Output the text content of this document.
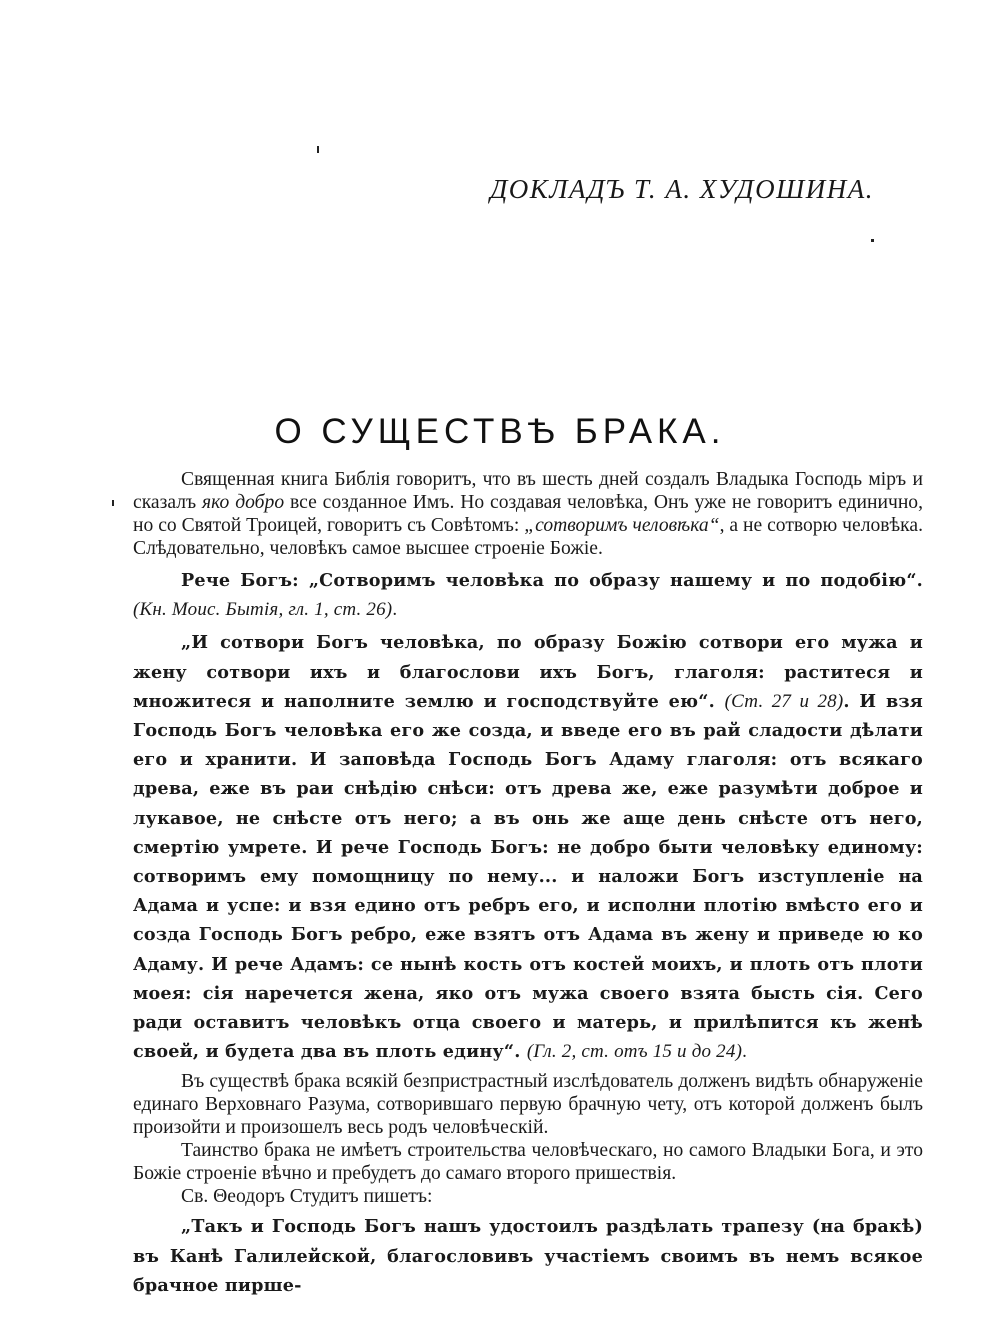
ДОКЛАДЪ Т. А. ХУДОШИНА.
О СУЩЕСТВѢ БРАКА.

Священная книга Библія говоритъ, что въ шесть дней создалъ Владыка Господь міръ и сказалъ яко добро все созданное Имъ. Но создавая человѣка, Онъ уже не говоритъ единично, но со Святой Троицей, говоритъ съ Совѣтомъ: „сотворимъ человѣка“, а не сотворю человѣка. Слѣдовательно, человѣкъ самое высшее строеніе Божіе.

Рече Богъ: „Сотворимъ человѣка по образу нашему и по подобію“. (Кн. Моис. Бытія, гл. 1, ст. 26).

„И сотвори Богъ человѣка, по образу Божію сотвори его мужа и жену сотвори ихъ и благослови ихъ Богъ, глаголя: раститеся и множитеся и наполните землю и господствуйте ею“. (Ст. 27 и 28). И взя Господь Богъ человѣка его же созда, и введе его въ рай сладости дѣлати его и хранити. И заповѣда Господь Богъ Адаму глаголя: отъ всякаго древа, еже въ раи снѣдію снѣси: отъ древа же, еже разумѣти доброе и лукавое, не снѣсте отъ него; а въ онь же аще день снѣсте отъ него, смертію умрете. И рече Господь Богъ: не добро быти человѣку единому: сотворимъ ему помощницу по нему... и наложи Богъ изступленіе на Адама и успе: и взя едино отъ ребръ его, и исполни плотію вмѣсто его и созда Господь Богъ ребро, еже взятъ отъ Адама въ жену и приведе ю ко Адаму. И рече Адамъ: се нынѣ кость отъ костей моихъ, и плоть отъ плоти моея: сія наречется жена, яко отъ мужа своего взята бысть сія. Сего ради оставитъ человѣкъ отца своего и матерь, и прилѣпится къ женѣ своей, и будета два въ плоть едину“. (Гл. 2, ст. отъ 15 и до 24).

Въ существѣ брака всякій безпристрастный изслѣдователь долженъ видѣть обнаруженіе единаго Верховнаго Разума, сотворившаго первую брачную чету, отъ которой долженъ былъ произойти и произошелъ весь родъ человѣческій.

Таинство брака не имѣетъ строительства человѣческаго, но самого Владыки Бога, и это Божіе строеніе вѣчно и пребудетъ до самаго второго пришествія.

Св. Θеодоръ Студитъ пишетъ:

„Такъ и Господь Богъ нашъ удостоилъ раздѣлать трапезу (на бракѣ) въ Канѣ Галилейской, благословивъ участіемъ своимъ въ немъ всякое брачное пирше-
